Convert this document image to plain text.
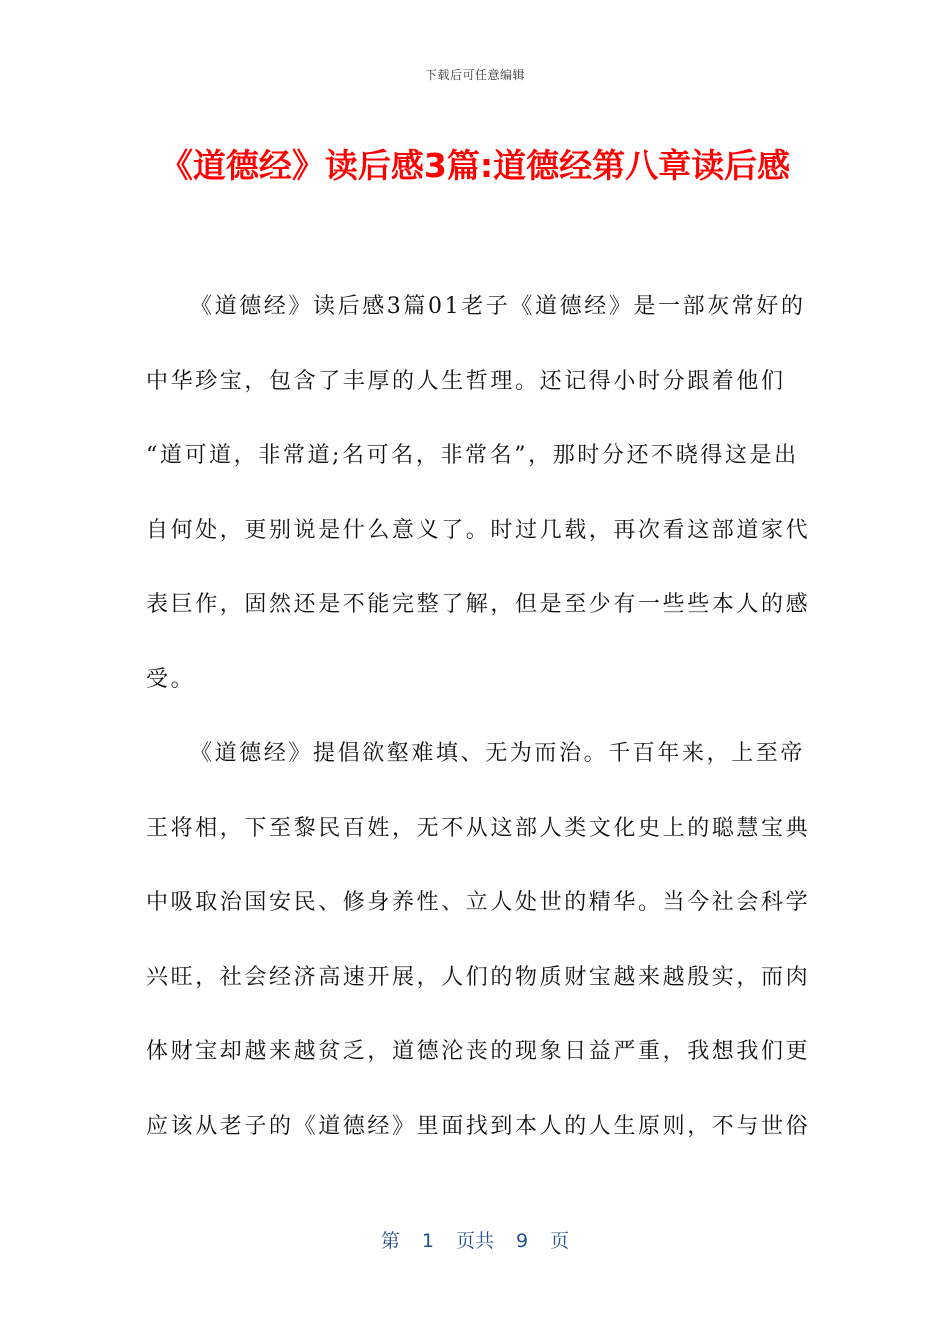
下载后可任意编辑
《道德经》读后感3篇:道德经第八章读后感
《道德经》读后感3篇01老子《道德经》是一部灰常好的
中华珍宝，包含了丰厚的人生哲理。还记得小时分跟着他们
“道可道，非常道;名可名，非常名”，那时分还不晓得这是出
自何处，更别说是什么意义了。时过几载，再次看这部道家代
表巨作，固然还是不能完整了解，但是至少有一些些本人的感
受。
《道德经》提倡欲壑难填、无为而治。千百年来，上至帝
王将相，下至黎民百姓，无不从这部人类文化史上的聪慧宝典
中吸取治国安民、修身养性、立人处世的精华。当今社会科学
兴旺，社会经济高速开展，人们的物质财宝越来越殷实，而肉
体财宝却越来越贫乏，道德沦丧的现象日益严重，我想我们更
应该从老子的《道德经》里面找到本人的人生原则，不与世俗
第 1 页共 9 页
